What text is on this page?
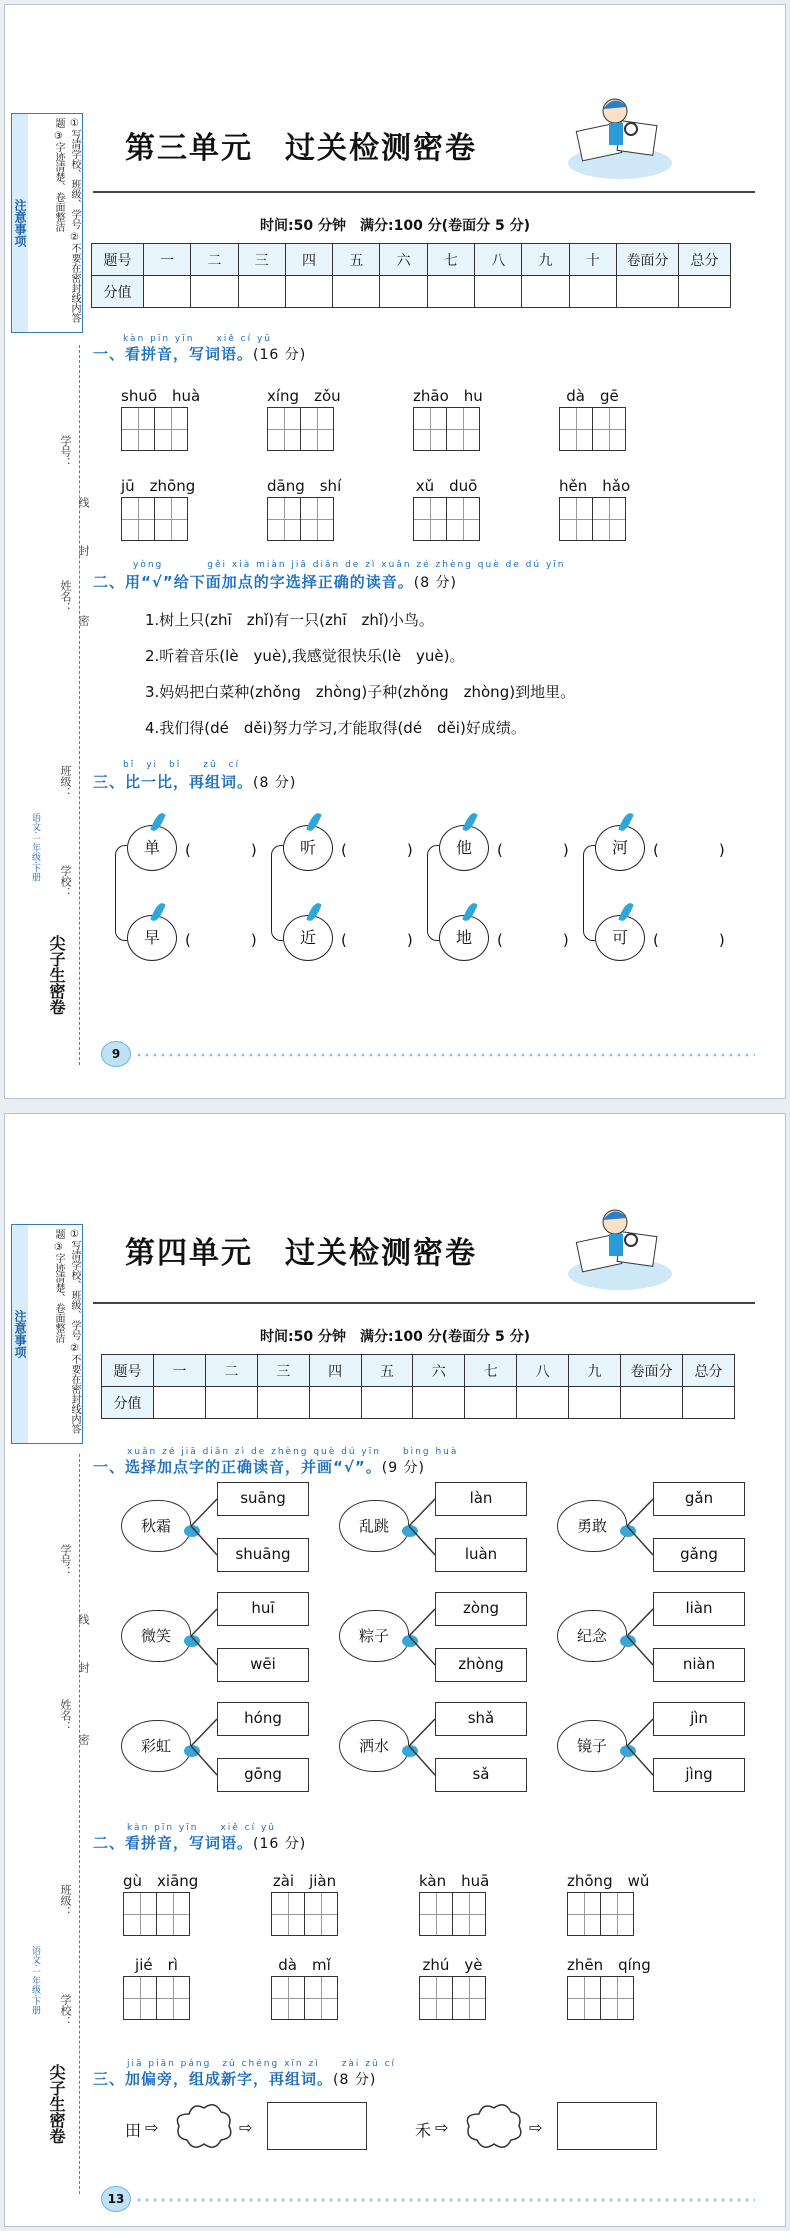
注意事项	①写清学校、班级、学号 ②不要在密封线内答题 ③字迹清楚、卷面整洁
学号：
线
封
姓名：
密
班级：
学校：
语文·一年级·下册
尖子生密卷
第三单元　过关检测密卷
时间:50 分钟　满分:100 分(卷面分 5 分)
题号	一	二	三	四	五	六	七	八	九	十	卷面分	总分
分值												
kàn pīn yīn　　xiě cí yǔ
一、看拼音，写词语。(16 分)
shuō　huà	xíng　zǒu	zhāo　hu	dà　gē
jū　zhōng	dāng　shí	xǔ　duō	hěn　hǎo
yòng　　　　gěi xià miàn jiā diǎn de zì xuǎn zé zhèng què de dú yīn
二、用“√”给下面加点的字选择正确的读音。(8 分)
1.树上只(zhī　zhǐ)有一只(zhī　zhǐ)小鸟。
2.听着音乐(lè　yuè),我感觉很快乐(lè　yuè)。
3.妈妈把白菜种(zhǒng　zhòng)子种(zhǒng　zhòng)到地里。
4.我们得(dé　děi)努力学习,才能取得(dé　děi)好成绩。
bǐ　yi　bǐ　　zǔ　cí
三、比一比，再组词。(8 分)
单	(　　　　)
早	(　　　　)
听	(　　　　)
近	(　　　　)
他	(　　　　)
地	(　　　　)
河	(　　　　)
可	(　　　　)
9
注意事项	①写清学校、班级、学号 ②不要在密封线内答题 ③字迹清楚、卷面整洁
学号：
线
封
姓名：
密
班级：
学校：
语文·一年级·下册
尖子生密卷
第四单元　过关检测密卷
时间:50 分钟　满分:100 分(卷面分 5 分)
题号	一	二	三	四	五	六	七	八	九	卷面分	总分
分值											
xuǎn zé jiā diǎn zì de zhèng què dú yīn　　bìng huà
一、选择加点字的正确读音，并画“√”。(9 分)
秋霜
suāng
shuāng
乱跳
làn
luàn
勇敢
gǎn
gǎng
微笑
huī
wēi
粽子
zòng
zhòng
纪念
liàn
niàn
彩虹
hóng
gōng
洒水
shǎ
sǎ
镜子
jìn
jìng
kàn pīn yīn　　xiě cí yǔ
二、看拼音，写词语。(16 分)
gù　xiāng	zài　jiàn	kàn　huā	zhōng　wǔ
jié　rì	dà　mǐ	zhú　yè	zhēn　qíng
jiā piān páng　zǔ chéng xīn zì　　zài zǔ cí
三、加偏旁，组成新字，再组词。(8 分)
田 ⇨	⇨	禾 ⇨	⇨
13
